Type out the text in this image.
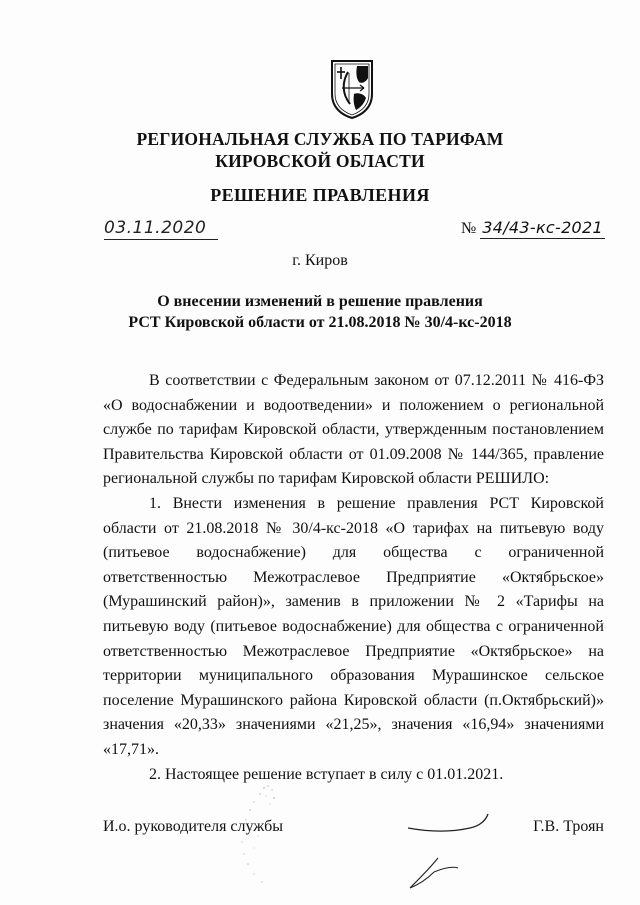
РЕГИОНАЛЬНАЯ СЛУЖБА ПО ТАРИФАМ
КИРОВСКОЙ ОБЛАСТИ
РЕШЕНИЕ ПРАВЛЕНИЯ
03.11.2020	№ 34/43-кс-2021
г. Киров
О внесении изменений в решение правления
РСТ Кировской области от 21.08.2018 № 30/4-кс-2018

В соответствии с Федеральным законом от 07.12.2011 № 416-ФЗ «О водоснабжении и водоотведении» и положением о региональной службе по тарифам Кировской области, утвержденным постановлением Правительства Кировской области от 01.09.2008 № 144/365, правление региональной службы по тарифам Кировской области РЕШИЛО:

1. Внести изменения в решение правления РСТ Кировской области от 21.08.2018 № 30/4-кс-2018 «О тарифах на питьевую воду (питьевое водоснабжение) для общества с ограниченной ответственностью Межотраслевое Предприятие «Октябрьское» (Мурашинский район)», заменив в приложении № 2 «Тарифы на питьевую воду (питьевое водоснабжение) для общества с ограниченной ответственностью Межотраслевое Предприятие «Октябрьское» на территории муниципального образования Мурашинское сельское поселение Мурашинского района Кировской области (п.Октябрьский)» значения «20,33» значениями «21,25», значения «16,94» значениями «17,71».

2. Настоящее решение вступает в силу с 01.01.2021.

И.о. руководителя службы	Г.В. Троян
